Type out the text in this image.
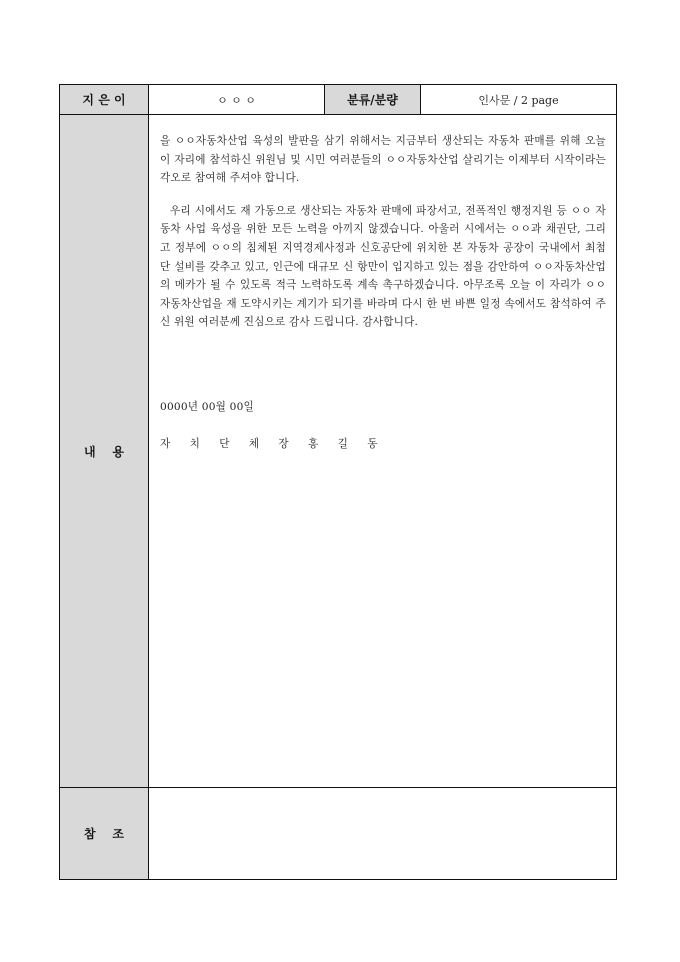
지 은 이	ㅇ ㅇ ㅇ	분류/분량	인사문 / 2 page
내    용	을 ㅇㅇ자동차산업 육성의 발판을 삼기 위해서는 지금부터 생산되는 자동차 판매를 위해 오늘 이 자리에 참석하신 위원님 및 시민 여러분들의 ㅇㅇ자동차산업 살리기는 이제부터 시작이라는 각오로 참여해 주셔야 합니다.

우리 시에서도 재 가동으로 생산되는 자동차 판매에 파장서고, 전폭적인 행정지원 등 ㅇㅇ 자동차 사업 육성을 위한 모든 노력을 아끼지 않겠습니다. 아울러 시에서는 ㅇㅇ과 채권단, 그리고 정부에 ㅇㅇ의 침체된 지역경제사정과 신호공단에 위치한 본 자동차 공장이 국내에서 최첨단 설비를 갖추고 있고, 인근에 대규모 신 항만이 입지하고 있는 점을 감안하여 ㅇㅇ자동차산업의 메카가 될 수 있도록 적극 노력하도록 계속 촉구하겠습니다. 아무조록 오늘 이 자리가 ㅇㅇ자동차산업을 재 도약시키는 계기가 되기를 바라며 다시 한 번 바쁜 일정 속에서도 참석하여 주신 위원 여러분께 진심으로 감사 드립니다. 감사합니다.

0000년 00월 00일

자 치 단 체 장 홍 길 동		

참    조			
